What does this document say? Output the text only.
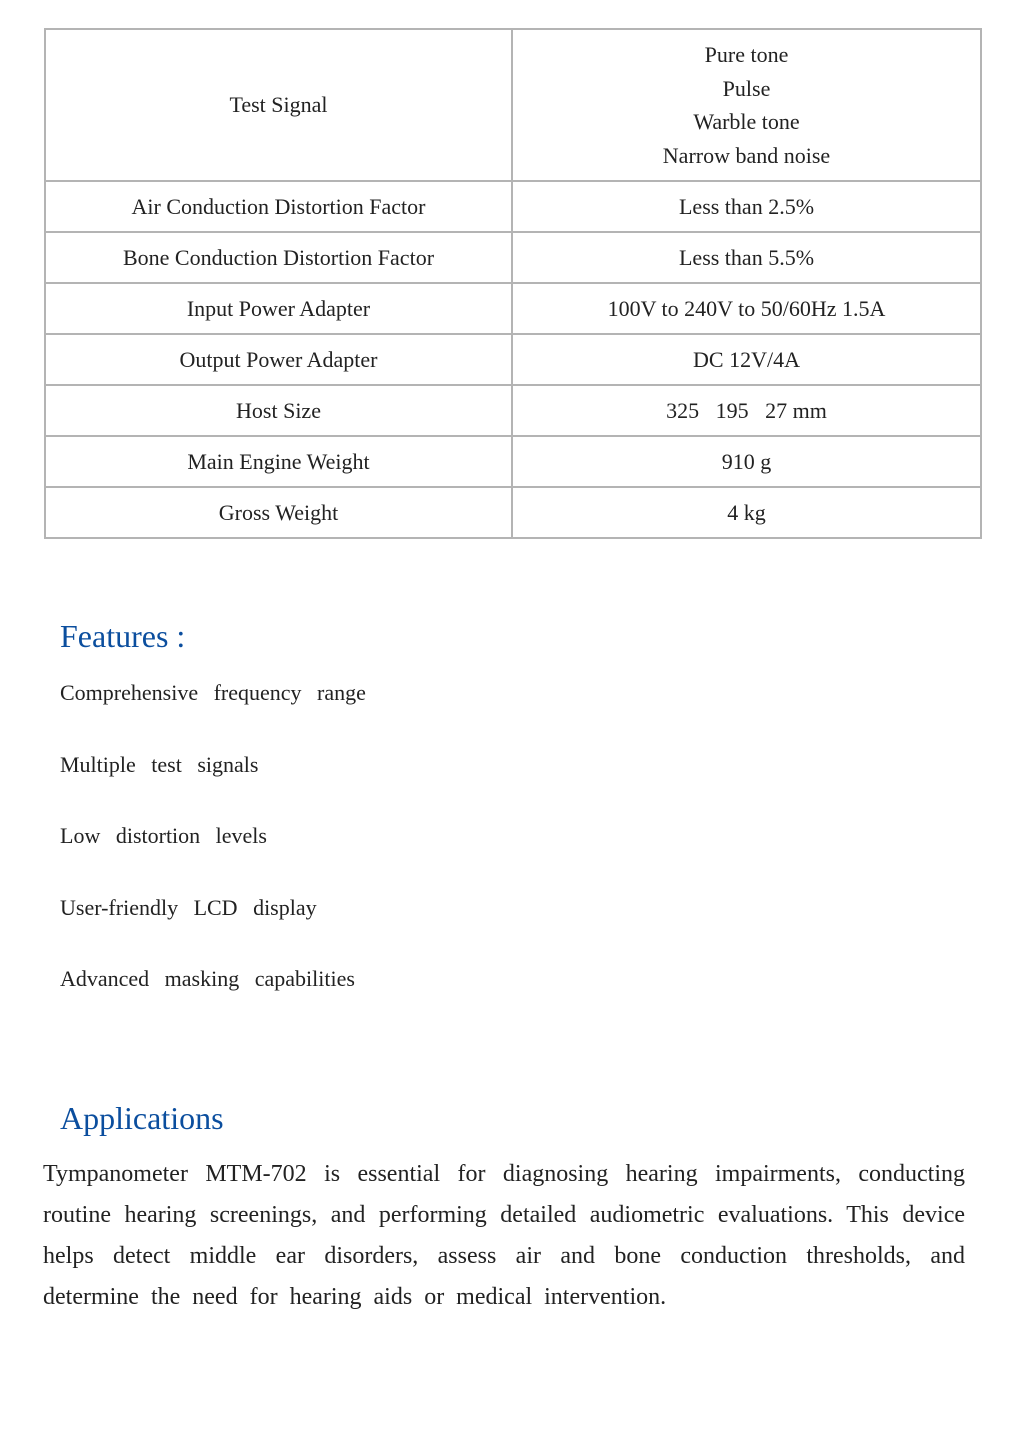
Test Signal	Pure tone
Pulse
Warble tone
Narrow band noise

Air Conduction Distortion Factor	Less than 2.5%
Bone Conduction Distortion Factor	Less than 5.5%
Input Power Adapter	100V to 240V to 50/60Hz 1.5A
Output Power Adapter	DC 12V/4A
Host Size	325   195   27 mm
Main Engine Weight	910 g
Gross Weight	4 kg
Features :
Comprehensive frequency range
Multiple test signals
Low distortion levels
User-friendly LCD display
Advanced masking capabilities
Applications

Tympanometer MTM-702 is essential for diagnosing hearing impairments, conducting routine hearing screenings, and performing detailed audiometric evaluations. This device helps detect middle ear disorders, assess air and bone conduction thresholds, and determine the need for hearing aids or medical intervention.
